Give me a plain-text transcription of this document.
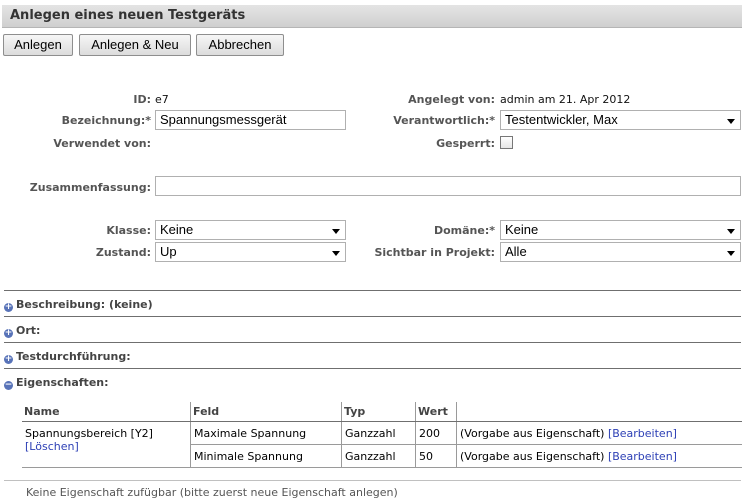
Anlegen eines neuen Testgeräts
Anlegen	Anlegen & Neu	Abbrechen
ID: e7	Angelegt von: admin am 21. Apr 2012
Bezeichnung:* Spannungsmessgerät	Verantwortlich:* Testentwickler, Max
Verwendet von:	Gesperrt:
Zusammenfassung:
Klasse: Keine	Domäne:* Keine
Zustand: Up	Sichtbar in Projekt: Alle
+ Beschreibung: (keine)
+ Ort:
+ Testdurchführung:
− Eigenschaften:
Name	Feld	Typ	Wert	

Spannungsbereich [Y2]
[Löschen]	Maximale Spannung	Ganzzahl	200	(Vorgabe aus Eigenschaft) [Bearbeiten]
	Minimale Spannung	Ganzzahl	50	(Vorgabe aus Eigenschaft) [Bearbeiten]
Keine Eigenschaft zufügbar (bitte zuerst neue Eigenschaft anlegen)
